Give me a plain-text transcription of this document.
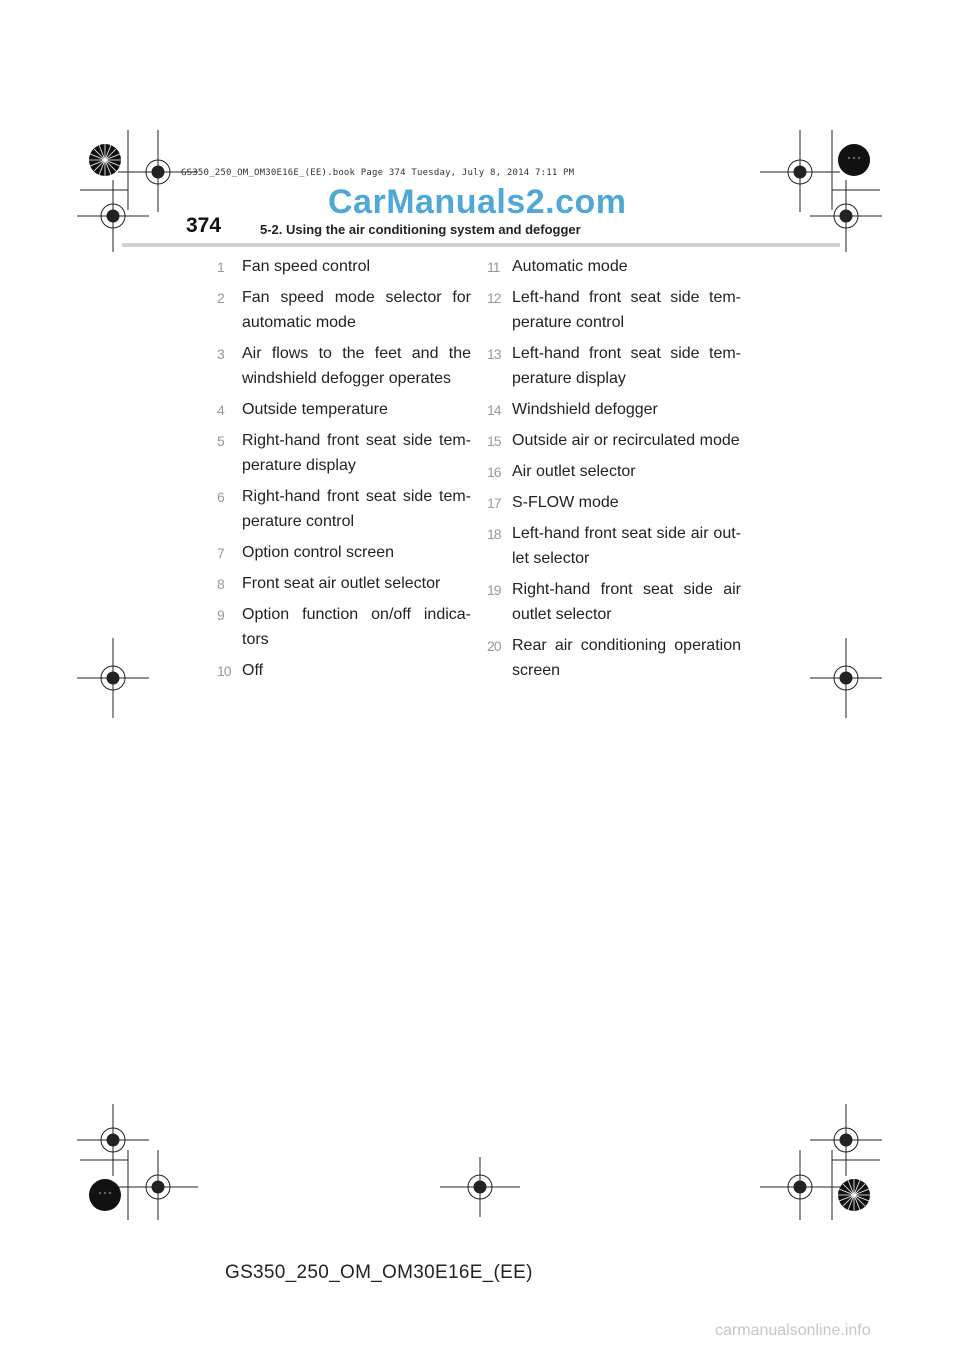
GS350_250_OM_OM30E16E_(EE).book Page 374 Tuesday, July 8, 2014 7:11 PM
CarManuals2.com
374	5-2. Using the air conditioning system and defogger
1 Fan speed control
2 Fan speed mode selector for automatic mode
3 Air flows to the feet and the windshield defogger operates
4 Outside temperature
5 Right-hand front seat side tem-perature display
6 Right-hand front seat side tem-perature control
7 Option control screen
8 Front seat air outlet selector
9 Option function on/off indica-tors
10 Off
11 Automatic mode
12 Left-hand front seat side tem-perature control
13 Left-hand front seat side tem-perature display
14 Windshield defogger
15 Outside air or recirculated mode
16 Air outlet selector
17 S-FLOW mode
18 Left-hand front seat side air out-let selector
19 Right-hand front seat side air outlet selector
20 Rear air conditioning operation screen
GS350_250_OM_OM30E16E_(EE)
carmanualsonline.info
